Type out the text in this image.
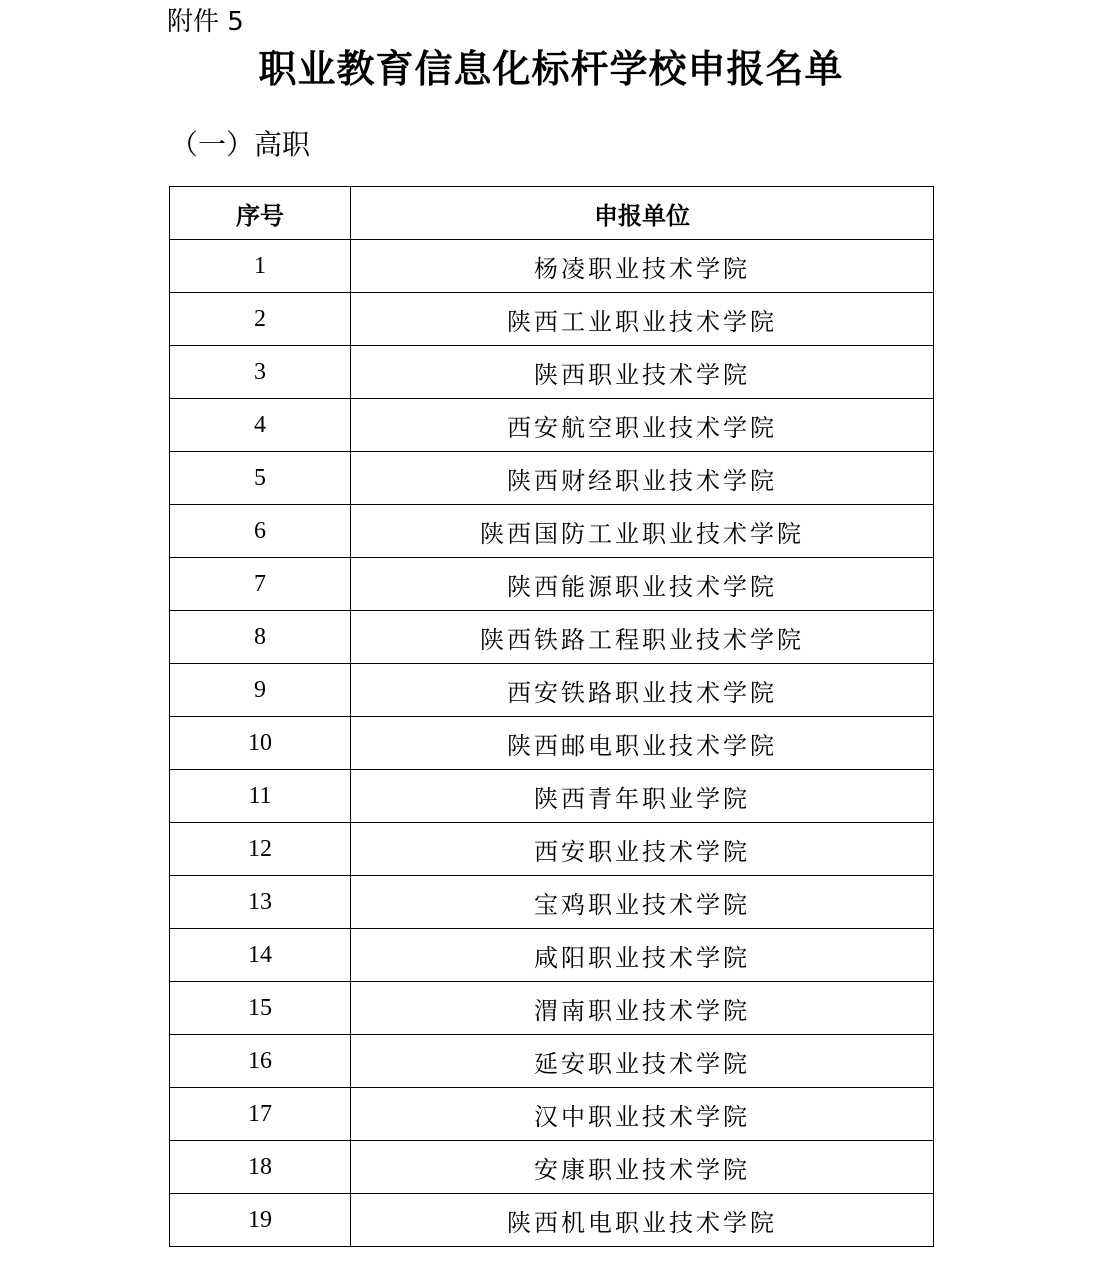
附件 5
职业教育信息化标杆学校申报名单
（一）高职
序号	申报单位
1	杨凌职业技术学院
2	陕西工业职业技术学院
3	陕西职业技术学院
4	西安航空职业技术学院
5	陕西财经职业技术学院
6	陕西国防工业职业技术学院
7	陕西能源职业技术学院
8	陕西铁路工程职业技术学院
9	西安铁路职业技术学院
10	陕西邮电职业技术学院
11	陕西青年职业学院
12	西安职业技术学院
13	宝鸡职业技术学院
14	咸阳职业技术学院
15	渭南职业技术学院
16	延安职业技术学院
17	汉中职业技术学院
18	安康职业技术学院
19	陕西机电职业技术学院
